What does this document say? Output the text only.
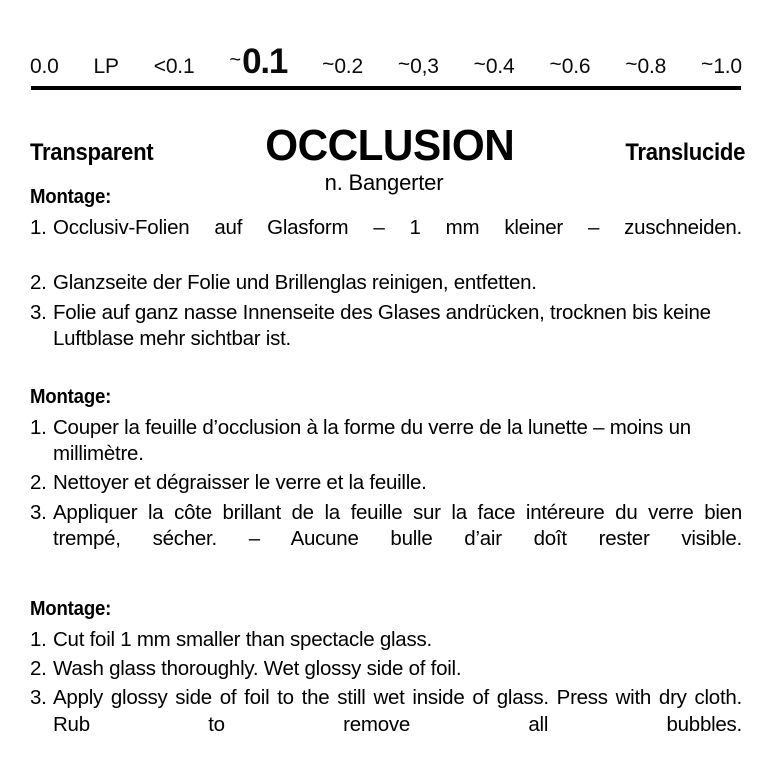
0.0 LP <0.1 ~0.1 ~0.2 ~0,3 ~0.4 ~0.6 ~0.8 ~1.0
Transparent	OCCLUSION	Translucide
n. Bangerter
Montage:
1. Occlusiv-Folien auf Glasform – 1 mm kleiner – zuschneiden.
2. Glanzseite der Folie und Brillenglas reinigen, entfetten.
3. Folie auf ganz nasse Innenseite des Glases andrücken, trocknen bis keine Luftblase mehr sichtbar ist.
Montage:
1. Couper la feuille d’occlusion à la forme du verre de la lunette – moins un millimètre.
2. Nettoyer et dégraisser le verre et la feuille.
3. Appliquer la côte brillant de la feuille sur la face intéreure du verre bien trempé, sécher. – Aucune bulle d’air doît rester visible.
Montage:
1. Cut foil 1 mm smaller than spectacle glass.
2. Wash glass thoroughly. Wet glossy side of foil.
3. Apply glossy side of foil to the still wet inside of glass. Press with dry cloth. Rub to remove all bubbles.
